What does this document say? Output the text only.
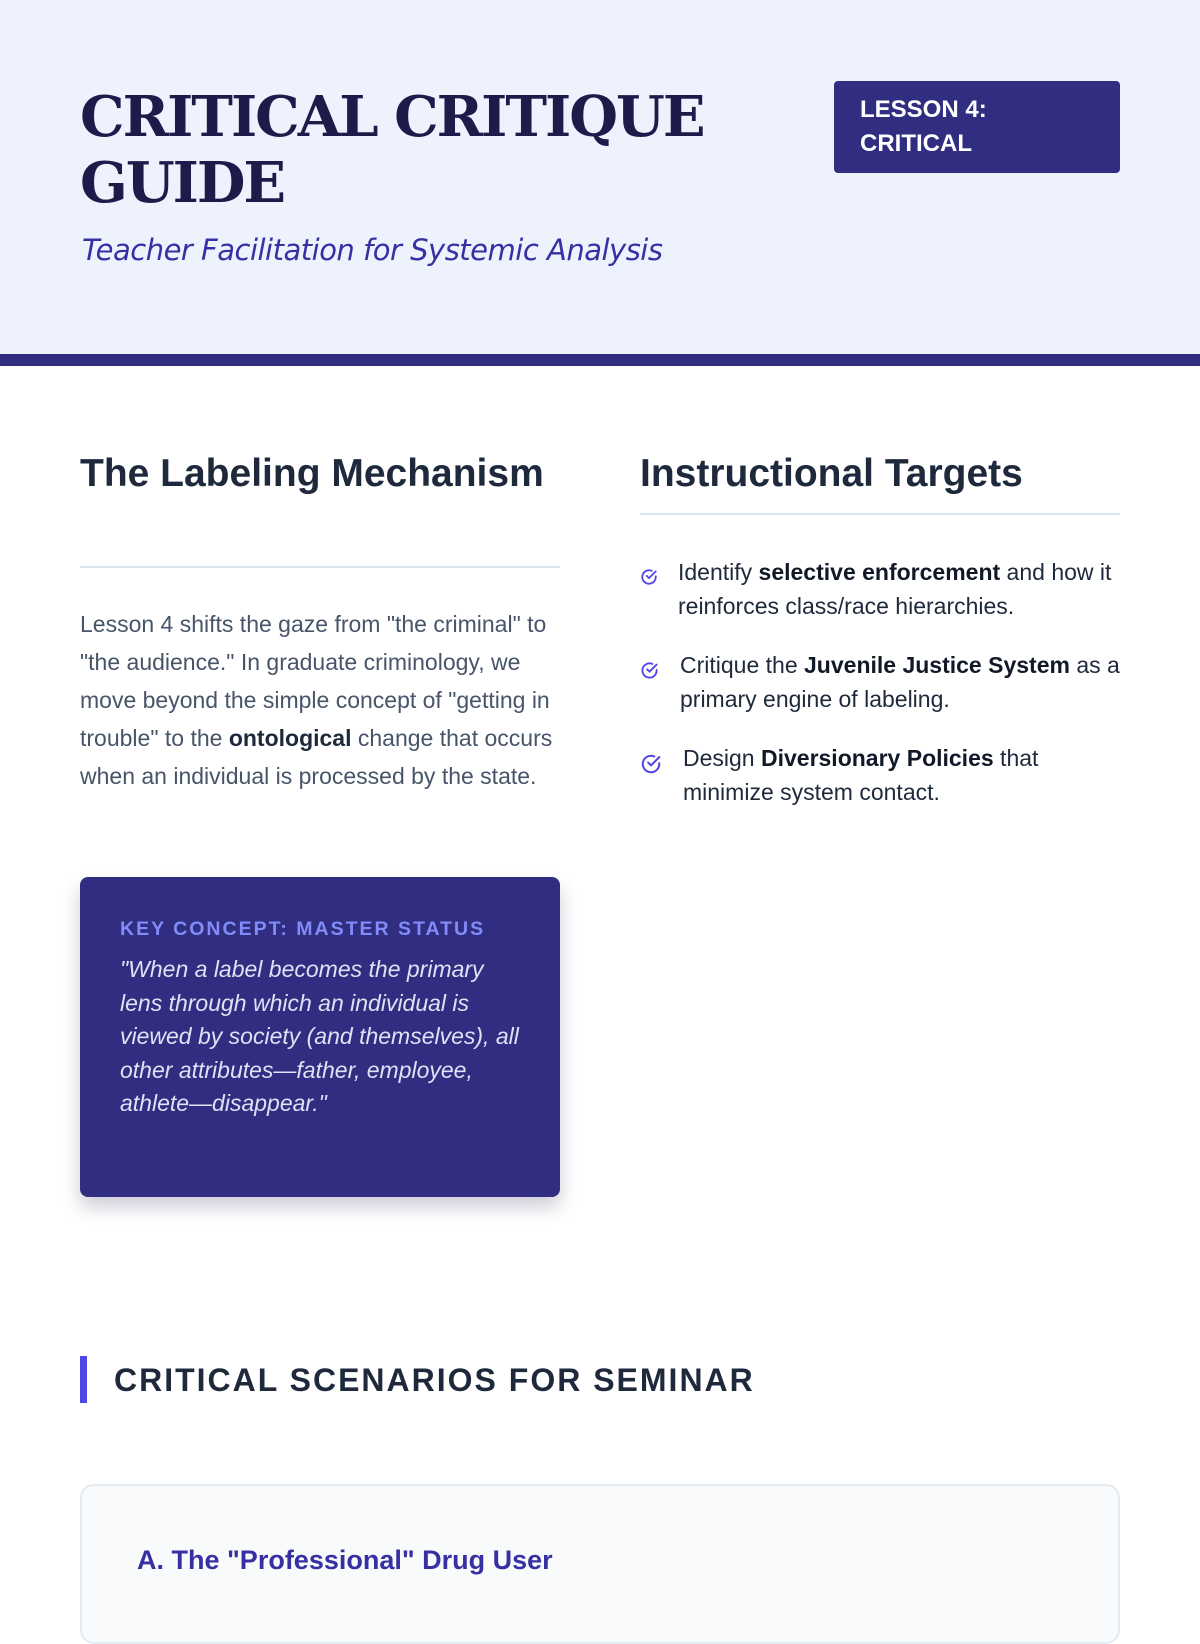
CRITICAL CRITIQUE GUIDE
Teacher Facilitation for Systemic Analysis
LESSON 4:
CRITICAL
The Labeling Mechanism

Lesson 4 shifts the gaze from "the criminal" to "the audience." In graduate criminology, we move beyond the simple concept of "getting in trouble" to the ontological change that occurs when an individual is processed by the state.

KEY CONCEPT: MASTER STATUS
"When a label becomes the primary lens through which an individual is viewed by society (and themselves), all other attributes—father, employee, athlete—disappear."
Instructional Targets
Identify selective enforcement and how it reinforces class/race hierarchies.
Critique the Juvenile Justice System as a primary engine of labeling.
Design Diversionary Policies that minimize system contact.
CRITICAL SCENARIOS FOR SEMINAR
A. The "Professional" Drug User
